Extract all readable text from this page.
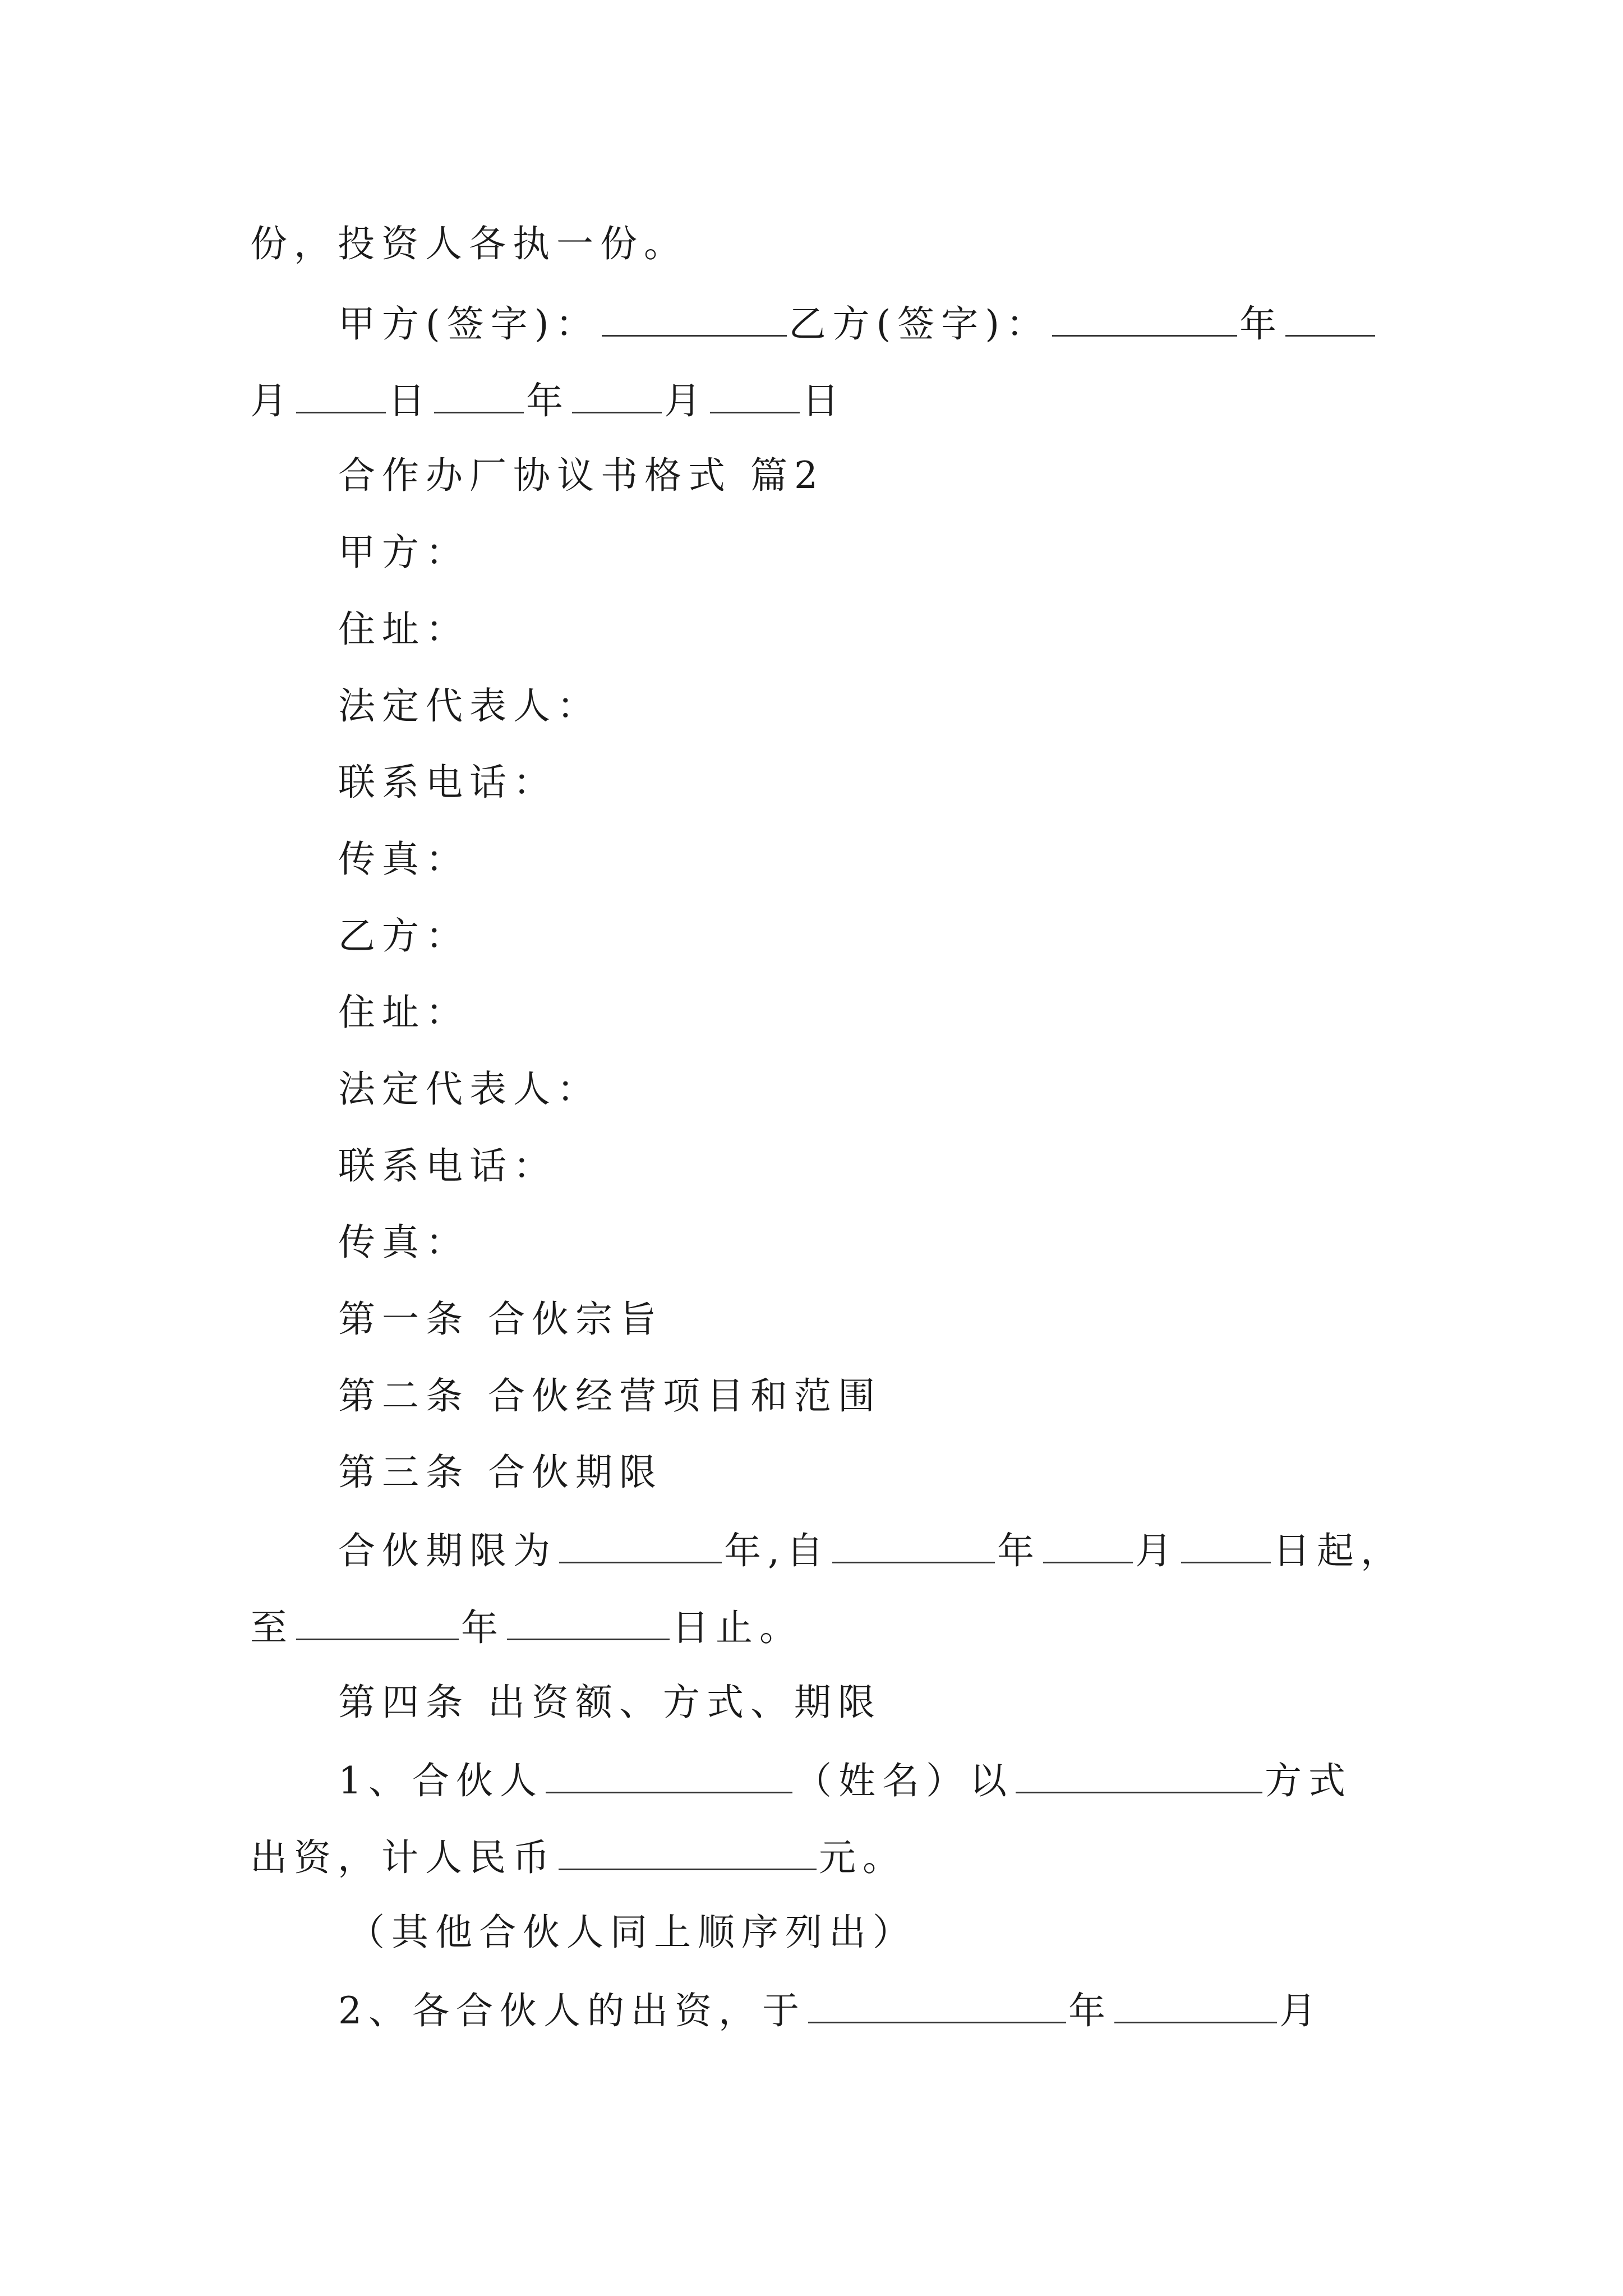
份，投资人各执一份。
甲方(签字)：	乙方(签字)：	年
月	日	年	月	日
合作办厂协议书格式 篇2
甲方：
住址：
法定代表人：
联系电话：
传真：
乙方：
住址：
法定代表人：
联系电话：
传真：
第一条 合伙宗旨
第二条 合伙经营项目和范围
第三条 合伙期限
合伙期限为	年,自	年	月	日起，
至	年	日止。
第四条 出资额、方式、期限
1、合伙人	（姓名）以	方式
出资，计人民币	元。
（其他合伙人同上顺序列出）
2、各合伙人的出资，于	年	月
